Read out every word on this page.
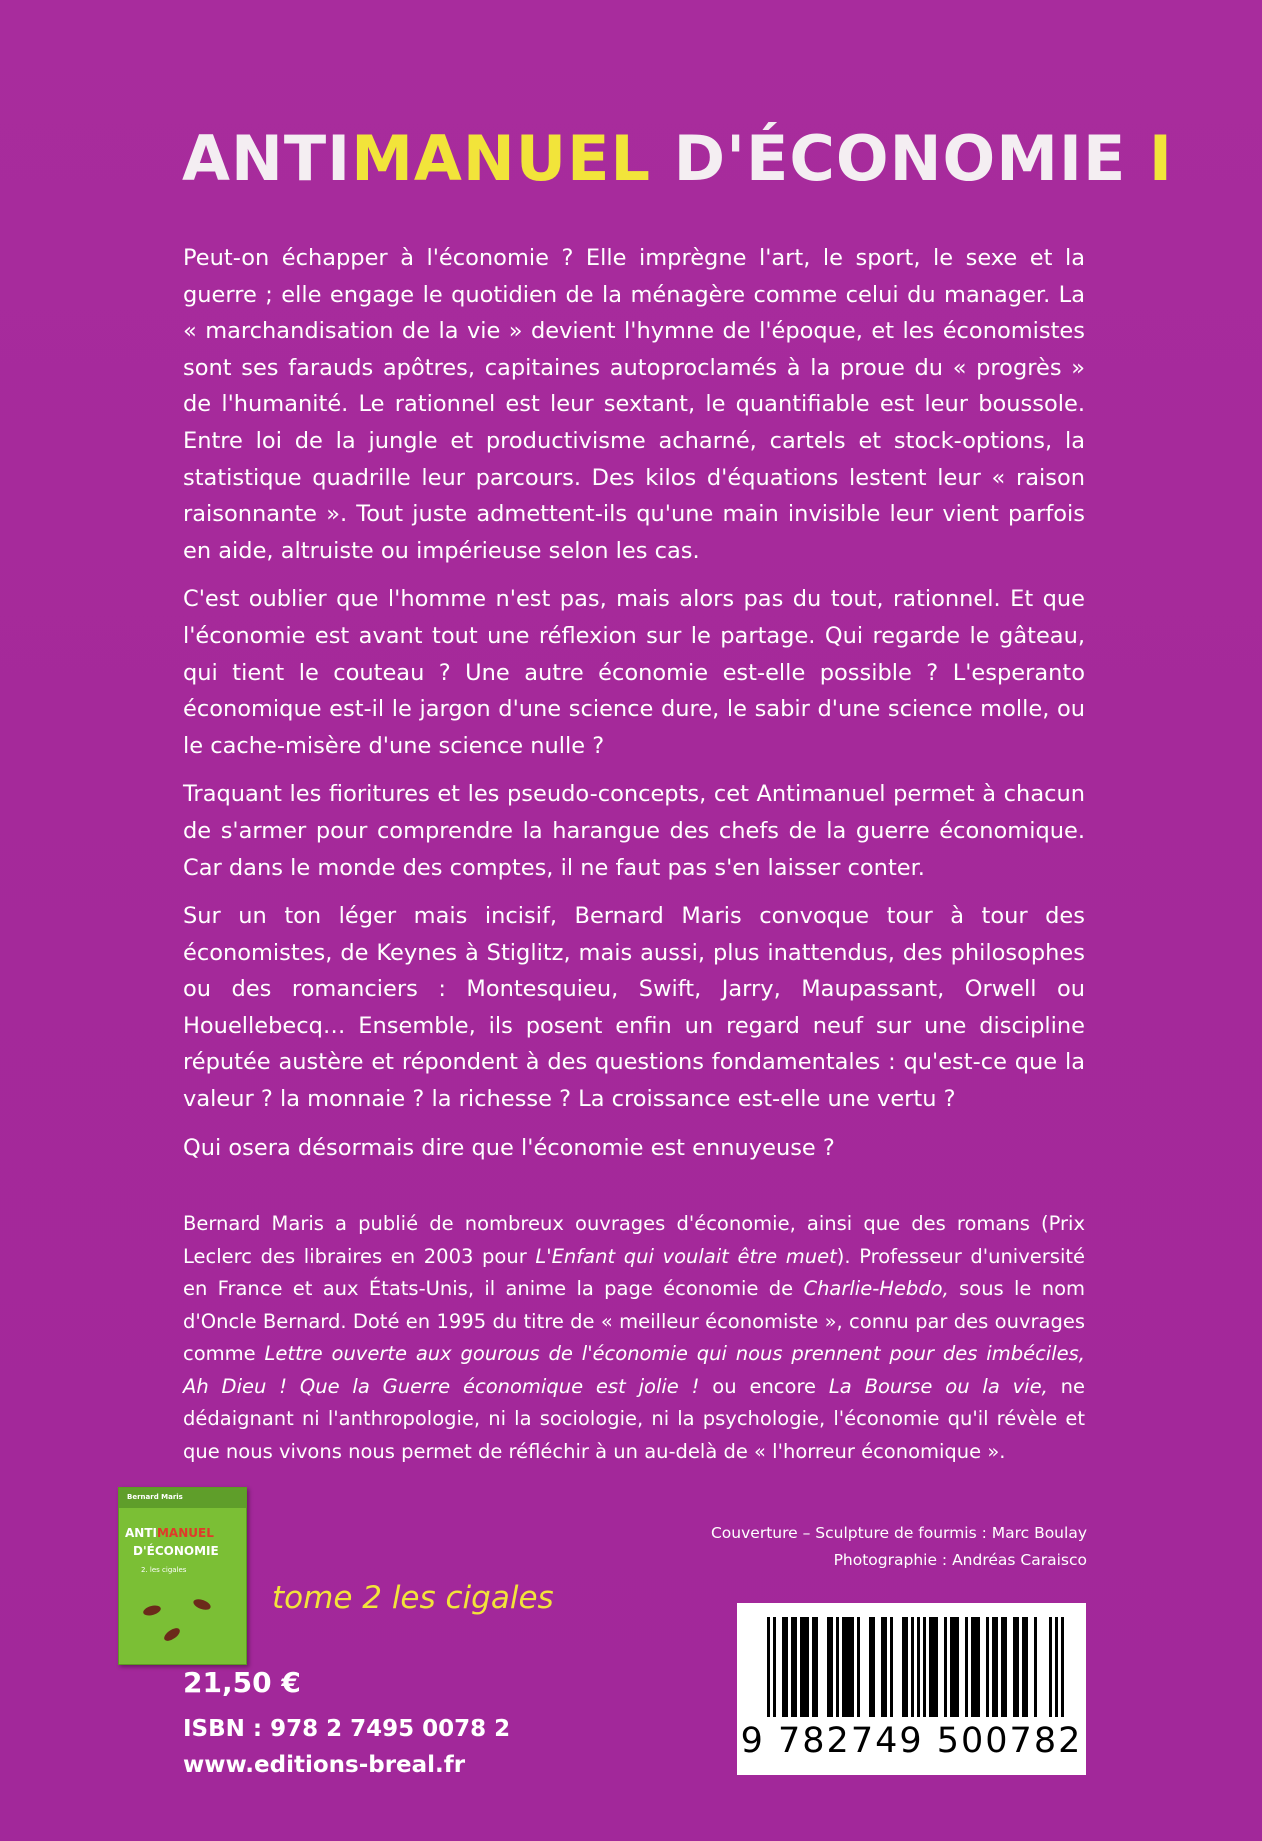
ANTIMANUEL D'ÉCONOMIE I

Peut-on échapper à l'économie ? Elle imprègne l'art, le sport, le sexe et la guerre ; elle engage le quotidien de la ménagère comme celui du manager. La « marchandisation de la vie » devient l'hymne de l'époque, et les économistes sont ses farauds apôtres, capitaines autoproclamés à la proue du « progrès » de l'humanité. Le rationnel est leur sextant, le quantifiable est leur boussole. Entre loi de la jungle et productivisme acharné, cartels et stock-options, la statistique quadrille leur parcours. Des kilos d'équations lestent leur « raison raisonnante ». Tout juste admettent-ils qu'une main invisible leur vient parfois en aide, altruiste ou impérieuse selon les cas.

C'est oublier que l'homme n'est pas, mais alors pas du tout, rationnel. Et que l'économie est avant tout une réflexion sur le partage. Qui regarde le gâteau, qui tient le couteau ? Une autre économie est-elle possible ? L'esperanto économique est-il le jargon d'une science dure, le sabir d'une science molle, ou le cache-misère d'une science nulle ?

Traquant les fioritures et les pseudo-concepts, cet Antimanuel permet à chacun de s'armer pour comprendre la harangue des chefs de la guerre économique. Car dans le monde des comptes, il ne faut pas s'en laisser conter.

Sur un ton léger mais incisif, Bernard Maris convoque tour à tour des économistes, de Keynes à Stiglitz, mais aussi, plus inattendus, des philosophes ou des romanciers : Montesquieu, Swift, Jarry, Maupassant, Orwell ou Houellebecq… Ensemble, ils posent enfin un regard neuf sur une discipline réputée austère et répondent à des questions fondamentales : qu'est-ce que la valeur ? la monnaie ? la richesse ? La croissance est-elle une vertu ?

Qui osera désormais dire que l'économie est ennuyeuse ?

Bernard Maris a publié de nombreux ouvrages d'économie, ainsi que des romans (Prix Leclerc des libraires en 2003 pour L'Enfant qui voulait être muet). Professeur d'université en France et aux États-Unis, il anime la page économie de Charlie-Hebdo, sous le nom d'Oncle Bernard. Doté en 1995 du titre de « meilleur économiste », connu par des ouvrages comme Lettre ouverte aux gourous de l'économie qui nous prennent pour des imbéciles, Ah Dieu ! Que la Guerre économique est jolie ! ou encore La Bourse ou la vie, ne dédaignant ni l'anthropologie, ni la sociologie, ni la psychologie, l'économie qu'il révèle et que nous vivons nous permet de réfléchir à un au-delà de « l'horreur économique ».

Couverture – Sculpture de fourmis : Marc Boulay
Photographie : Andréas Caraisco
Bernard Maris
ANTIMANUEL
D'ÉCONOMIE
2. les cigales
tome 2 les cigales
21,50 €
ISBN : 978 2 7495 0078 2
www.editions-breal.fr
9 782749 500782
